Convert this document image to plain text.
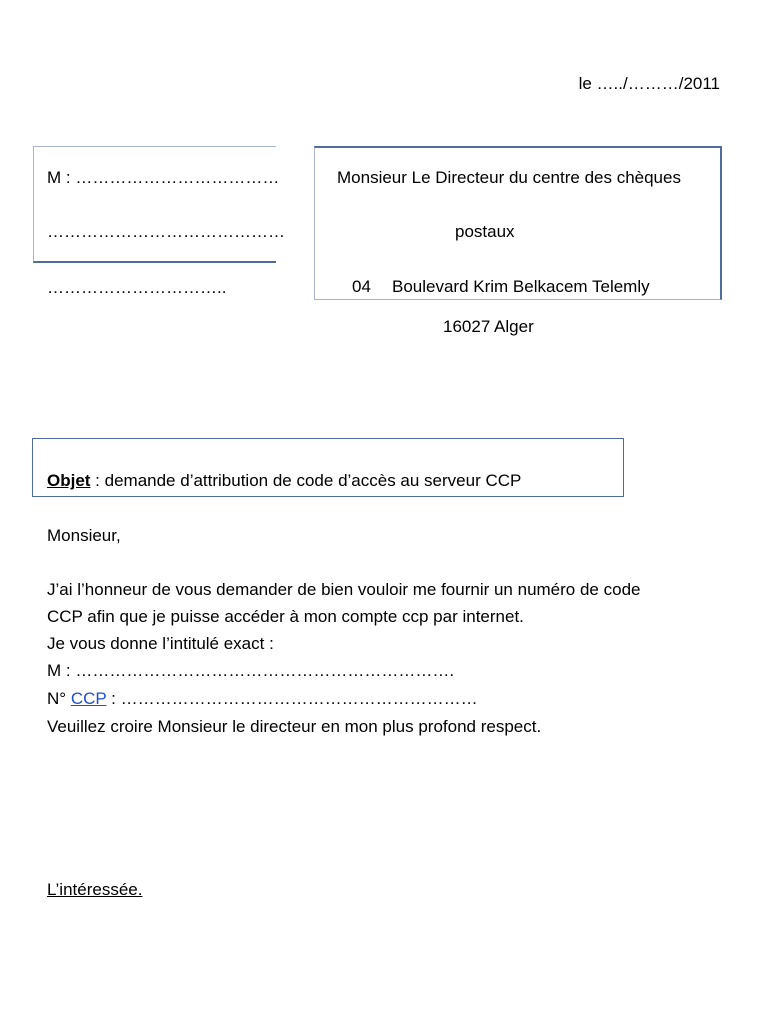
le …../………/2011
M : ………………………………
……………………………………
…………………………..
Monsieur Le Directeur du centre des chèques
postaux
04 Boulevard Krim Belkacem Telemly
16027 Alger
Objet : demande d’attribution de code d’accès au serveur CCP
Monsieur,
J’ai l’honneur de vous demander de bien vouloir me fournir un numéro de code
CCP afin que je puisse accéder à mon compte ccp par internet.
Je vous donne l’intitulé exact :
M : ………………………………………………………….
N° CCP : ………………………………………………………
Veuillez croire Monsieur le directeur en mon plus profond respect.
L’intéressée.
